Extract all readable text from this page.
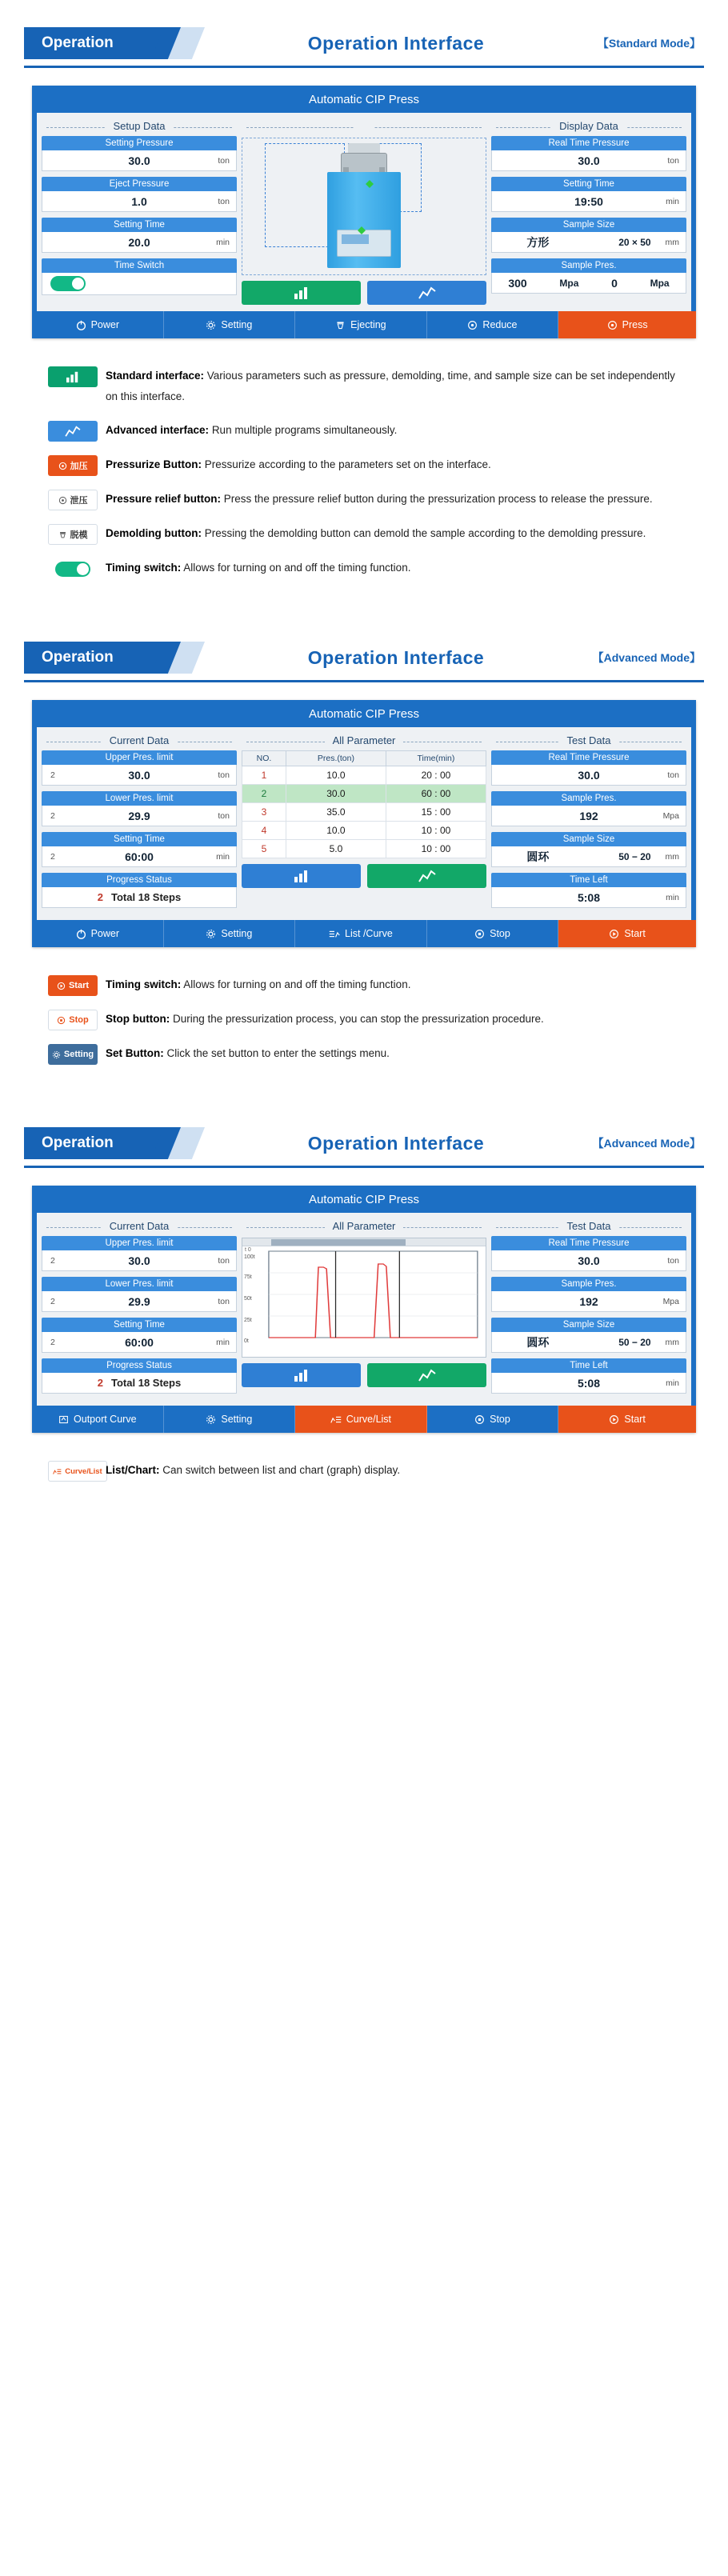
Operation	Operation Interface	【Standard Mode】
Automatic CIP Press
Setup Data
Setting Pressure
30.0	ton
Eject Pressure
1.0	ton
Setting Time
20.0	min
Time Switch

Display Data
Real Time Pressure
30.0	ton
Setting Time
19:50	min
Sample Size
方形	20 × 50 mm
Sample Pres.
300	Mpa	0	Mpa
Power	Setting	Ejecting	Reduce	Press
Standard interface: Various parameters such as pressure, demolding, time, and sample size can be set independently on this interface.
Advanced interface: Run multiple programs simultaneously.
加压 Pressurize Button: Pressurize according to the parameters set on the interface.
泄压 Pressure relief button: Press the pressure relief button during the pressurization process to release the pressure.
脱模 Demolding button: Pressing the demolding button can demold the sample according to the demolding pressure.
Timing switch: Allows for turning on and off the timing function.
Operation	Operation Interface	【Advanced Mode】
Automatic CIP Press
Current Data
Upper Pres. limit
2	30.0	ton
Lower Pres. limit
2	29.9	ton
Setting Time
2	60:00	min
Progress Status
2 Total 18 Steps
All Parameter
NO.	Pres.(ton)	Time(min)
1	10.0	20 : 00
2	30.0	60 : 00
3	35.0	15 : 00
4	10.0	10 : 00
5	5.0	10 : 00
Test Data
Real Time Pressure
30.0	ton
Sample Pres.
192	Mpa
Sample Size
圆环	50 − 20 mm
Time Left
5:08	min
Power	Setting	List /Curve	Stop	Start
Start Timing switch: Allows for turning on and off the timing function.
Stop Stop button: During the pressurization process, you can stop the pressurization procedure.
Setting Set Button: Click the set button to enter the settings menu.
Operation	Operation Interface	【Advanced Mode】
Automatic CIP Press
Current Data
Upper Pres. limit
2	30.0	ton
Lower Pres. limit
2	29.9	ton
Setting Time
2	60:00	min
Progress Status
2 Total 18 Steps
All Parameter
t 0
100t
75t
50t
25t
0t
Test Data
Real Time Pressure
30.0	ton
Sample Pres.
192	Mpa
Sample Size
圆环	50 − 20 mm
Time Left
5:08	min
Outport Curve	Setting	Curve/List	Stop	Start
Curve/List List/Chart: Can switch between list and chart (graph) display.
